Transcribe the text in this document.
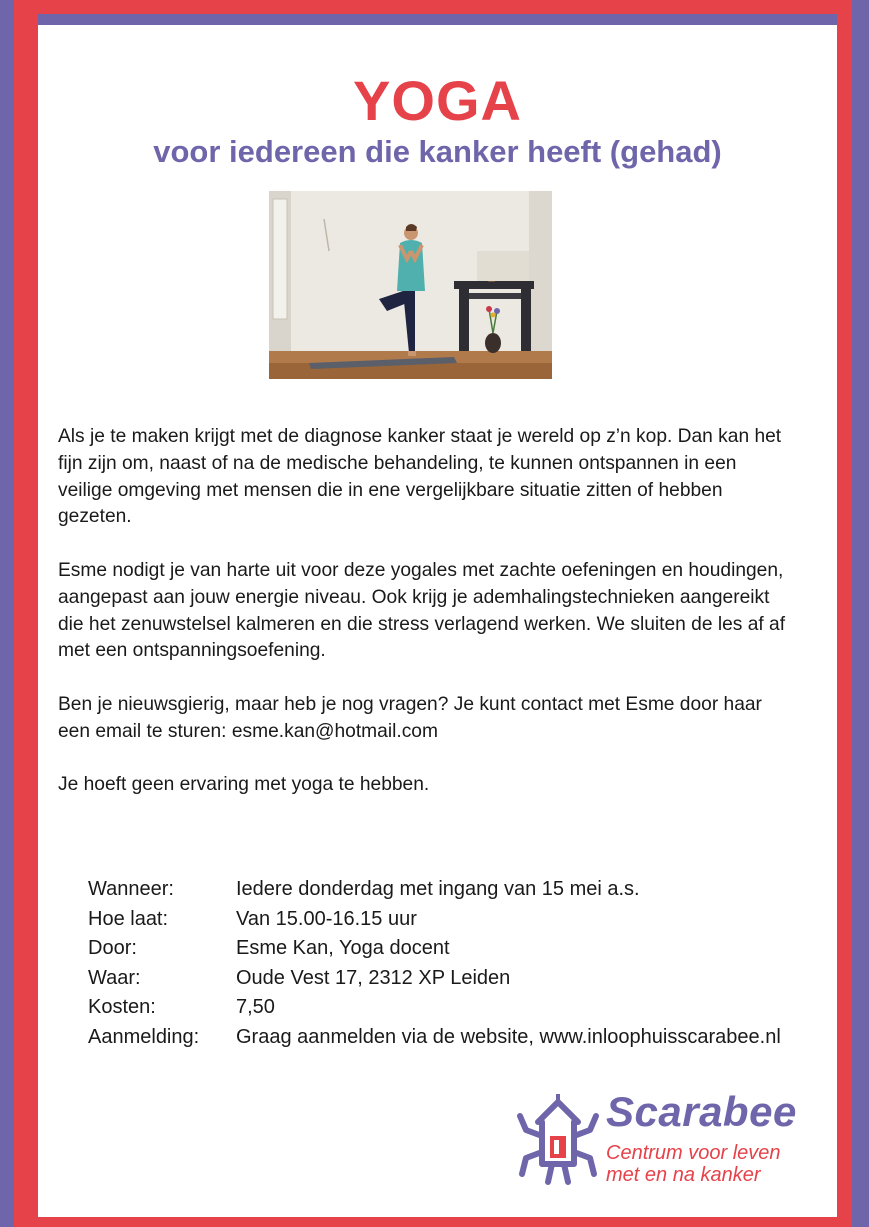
YOGA
voor iedereen die kanker heeft (gehad)

Als je te maken krijgt met de diagnose kanker staat je wereld op z’n kop. Dan kan het fijn zijn om, naast of na de medische behandeling, te kunnen ontspannen in een veilige omgeving met mensen die in ene vergelijkbare situatie zitten of hebben gezeten.

Esme nodigt je van harte uit voor deze yogales met zachte oefeningen en houdingen, aangepast aan jouw energie niveau. Ook krijg je ademhalingstechnieken aangereikt die het zenuwstelsel kalmeren en die stress verlagend werken. We sluiten de les af af met een ontspanningsoefening.

Ben je nieuwsgierig, maar heb je nog vragen? Je kunt contact met Esme door haar een email te sturen: esme.kan@hotmail.com

Je hoeft geen ervaring met yoga te hebben.

Wanneer:	Iedere donderdag met ingang van 15 mei a.s.
Hoe laat:	Van 15.00-16.15 uur
Door:	Esme Kan, Yoga docent
Waar:	Oude Vest 17, 2312 XP Leiden
Kosten:	7,50
Aanmelding: Graag aanmelden via de website, www.inloophuisscarabee.nl
Scarabee
Centrum voor leven
met en na kanker
